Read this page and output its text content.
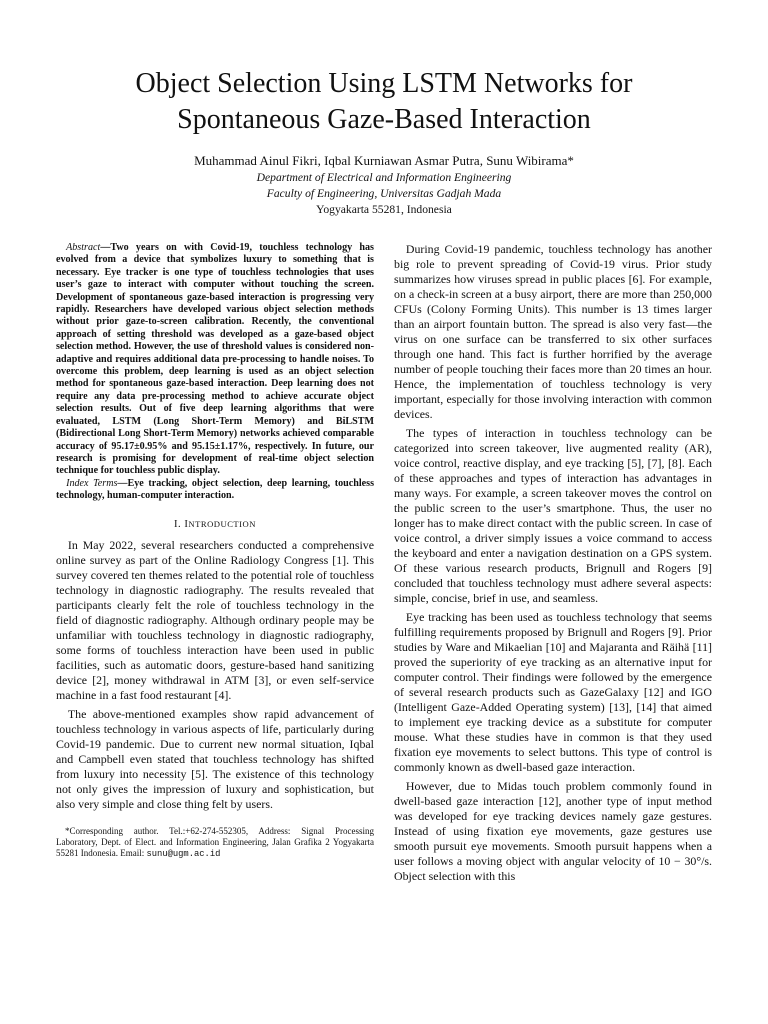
Object Selection Using LSTM Networks for
Spontaneous Gaze-Based Interaction
Muhammad Ainul Fikri, Iqbal Kurniawan Asmar Putra, Sunu Wibirama*
Department of Electrical and Information Engineering
Faculty of Engineering, Universitas Gadjah Mada
Yogyakarta 55281, Indonesia

Abstract—Two years on with Covid-19, touchless technology has evolved from a device that symbolizes luxury to something that is necessary. Eye tracker is one type of touchless technologies that uses user’s gaze to interact with computer without touching the screen. Development of spontaneous gaze-based interaction is progressing very rapidly. Researchers have developed various object selection methods without prior gaze-to-screen calibration. Recently, the conventional approach of setting threshold was developed as a gaze-based object selection method. However, the use of threshold values is considered non-adaptive and requires additional data pre-processing to handle noises. To overcome this problem, deep learning is used as an object selection method for spontaneous gaze-based interaction. Deep learning does not require any data pre-processing method to achieve accurate object selection results. Out of five deep learning algorithms that were evaluated, LSTM (Long Short-Term Memory) and BiLSTM (Bidirectional Long Short-Term Memory) networks achieved comparable accuracy of 95.17±0.95% and 95.15±1.17%, respectively. In future, our research is promising for development of real-time object selection technique for touchless public display.

Index Terms—Eye tracking, object selection, deep learning, touchless technology, human-computer interaction.

I. INTRODUCTION

In May 2022, several researchers conducted a comprehensive online survey as part of the Online Radiology Congress [1]. This survey covered ten themes related to the potential role of touchless technology in diagnostic radiography. The results revealed that participants clearly felt the role of touchless technology in the field of diagnostic radiography. Although ordinary people may be unfamiliar with touchless technology in diagnostic radiography, some forms of touchless interaction have been used in public facilities, such as automatic doors, gesture-based hand sanitizing device [2], money withdrawal in ATM [3], or even self-service machine in a fast food restaurant [4].

The above-mentioned examples show rapid advancement of touchless technology in various aspects of life, particularly during Covid-19 pandemic. Due to current new normal situation, Iqbal and Campbell even stated that touchless technology has shifted from luxury into necessity [5]. The existence of this technology not only gives the impression of luxury and sophistication, but also very simple and close thing felt by users.

*Corresponding author. Tel.:+62-274-552305, Address: Signal Processing Laboratory, Dept. of Elect. and Information Engineering, Jalan Grafika 2 Yogyakarta 55281 Indonesia. Email: sunu@ugm.ac.id

During Covid-19 pandemic, touchless technology has another big role to prevent spreading of Covid-19 virus. Prior study summarizes how viruses spread in public places [6]. For example, on a check-in screen at a busy airport, there are more than 250,000 CFUs (Colony Forming Units). This number is 13 times larger than an airport fountain button. The spread is also very fast—the virus on one surface can be transferred to six other surfaces through one hand. This fact is further horrified by the average number of people touching their faces more than 20 times an hour. Hence, the implementation of touchless technology is very important, especially for those involving interaction with common devices.

The types of interaction in touchless technology can be categorized into screen takeover, live augmented reality (AR), voice control, reactive display, and eye tracking [5], [7], [8]. Each of these approaches and types of interaction has advantages in many ways. For example, a screen takeover moves the control on the public screen to the user’s smartphone. Thus, the user no longer has to make direct contact with the public screen. In case of voice control, a driver simply issues a voice command to access the keyboard and enter a navigation destination on a GPS system. Of these various research products, Brignull and Rogers [9] concluded that touchless technology must adhere several aspects: simple, concise, brief in use, and seamless.

Eye tracking has been used as touchless technology that seems fulfilling requirements proposed by Brignull and Rogers [9]. Prior studies by Ware and Mikaelian [10] and Majaranta and Räihä [11] proved the superiority of eye tracking as an alternative input for computer control. Their findings were followed by the emergence of several research products such as GazeGalaxy [12] and IGO (Intelligent Gaze-Added Operating system) [13], [14] that aimed to implement eye tracking device as a substitute for computer mouse. What these studies have in common is that they used fixation eye movements to select buttons. This type of control is commonly known as dwell-based gaze interaction.

However, due to Midas touch problem commonly found in dwell-based gaze interaction [12], another type of input method was developed for eye tracking devices namely gaze gestures. Instead of using fixation eye movements, gaze gestures use smooth pursuit eye movements. Smooth pursuit happens when a user follows a moving object with angular velocity of 10 − 30°/s. Object selection with this
